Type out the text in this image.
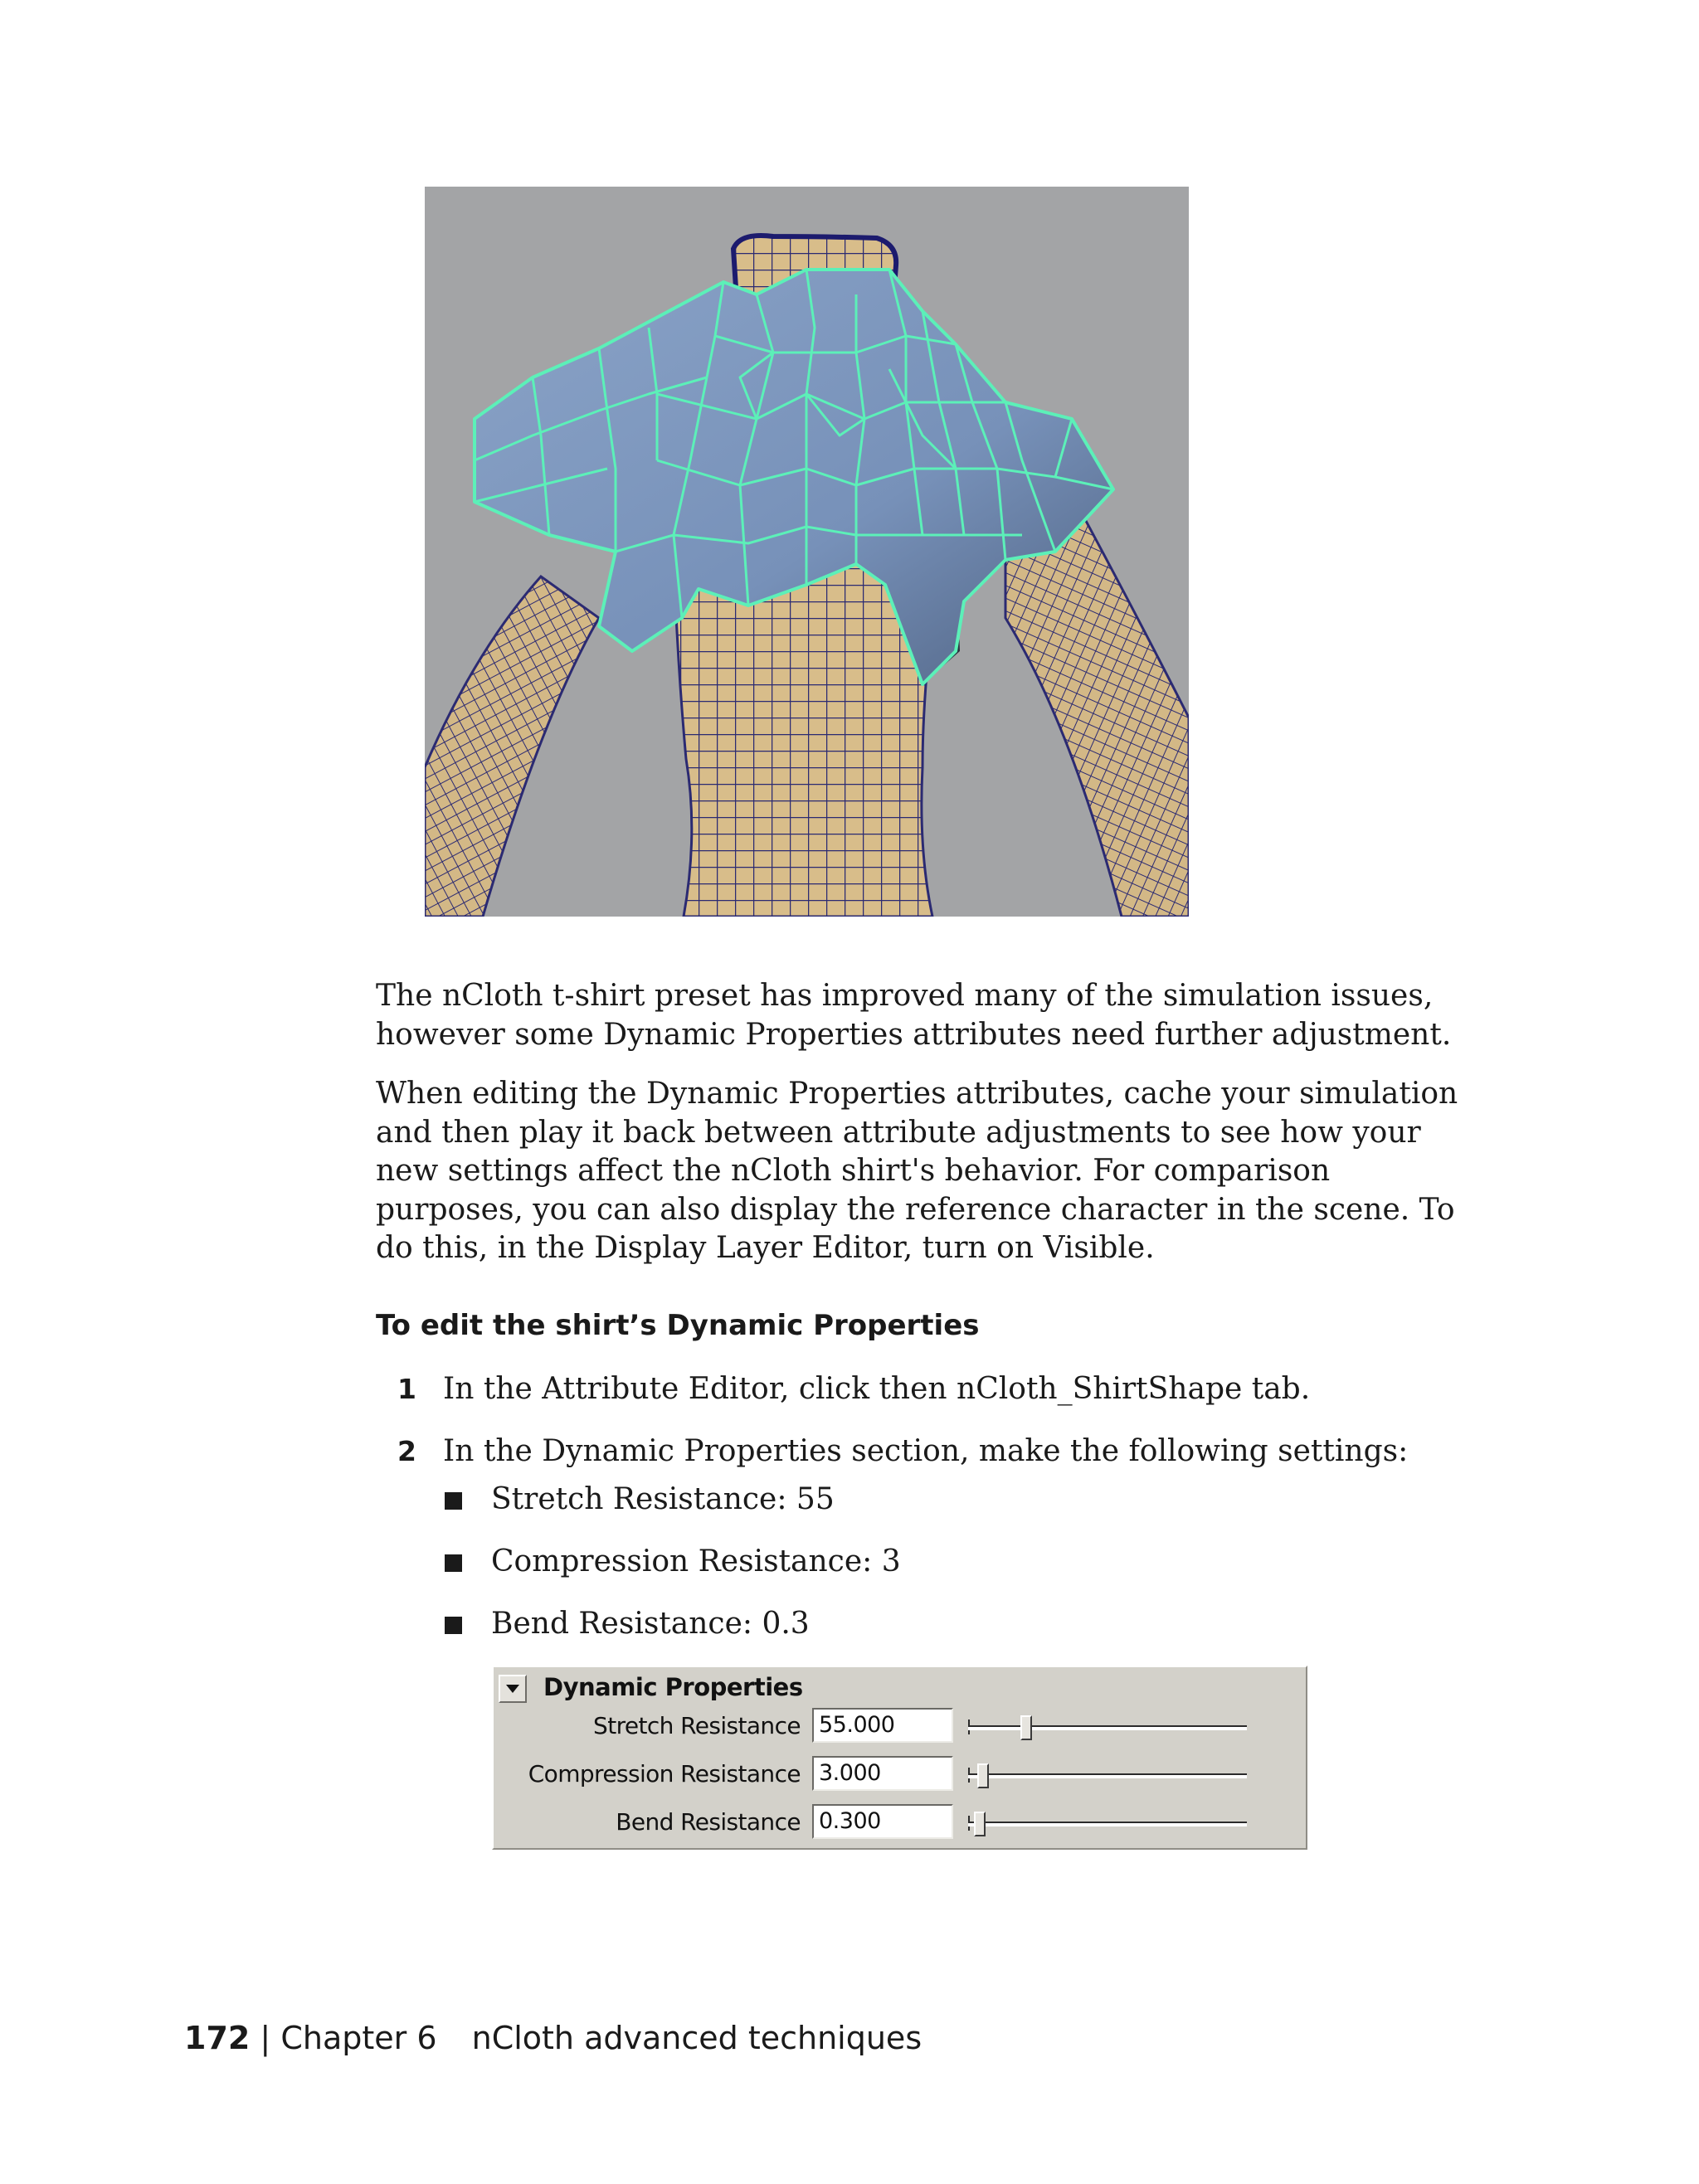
The nCloth t-shirt preset has improved many of the simulation issues, however some Dynamic Properties attributes need further adjustment.

When editing the Dynamic Properties attributes, cache your simulation and then play it back between attribute adjustments to see how your new settings affect the nCloth shirt's behavior. For comparison purposes, you can also display the reference character in the scene. To do this, in the Display Layer Editor, turn on Visible.

To edit the shirt’s Dynamic Properties
1 In the Attribute Editor, click then nCloth_ShirtShape tab.
2 In the Dynamic Properties section, make the following settings:
Stretch Resistance: 55
Compression Resistance: 3
Bend Resistance: 0.3
Dynamic Properties
Stretch Resistance 55.000
Compression Resistance 3.000
Bend Resistance 0.300
172 | Chapter 6 nCloth advanced techniques
